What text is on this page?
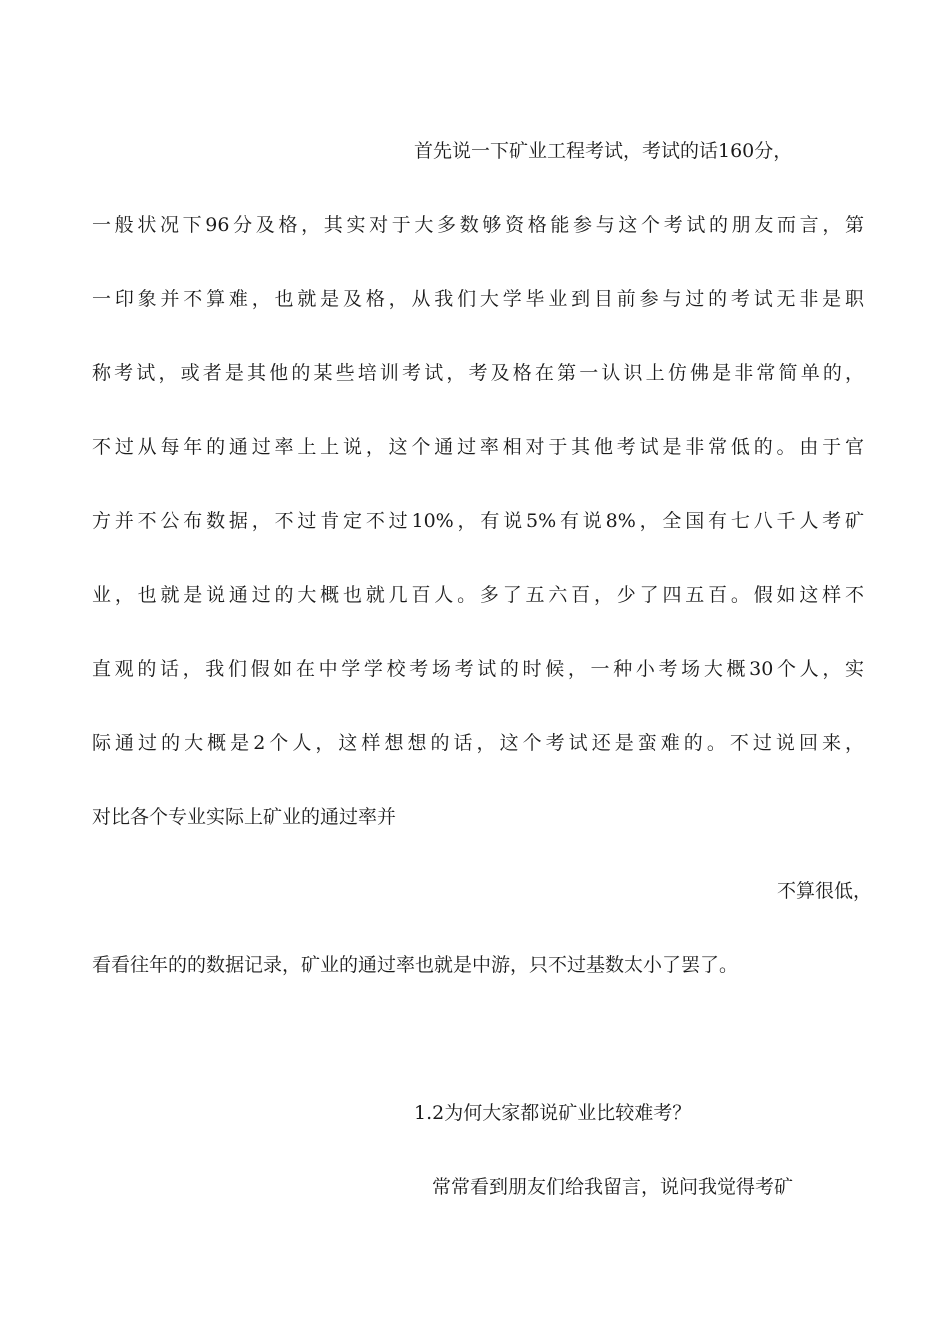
首先说一下矿业工程考试，考试的话160分，
一般状况下96分及格，其实对于大多数够资格能参与这个考试的朋友而言，第
一印象并不算难，也就是及格，从我们大学毕业到目前参与过的考试无非是职
称考试，或者是其他的某些培训考试，考及格在第一认识上仿佛是非常简单的，
不过从每年的通过率上上说，这个通过率相对于其他考试是非常低的。由于官
方并不公布数据，不过肯定不过10%，有说5%有说8%，全国有七八千人考矿
业，也就是说通过的大概也就几百人。多了五六百，少了四五百。假如这样不
直观的话，我们假如在中学学校考场考试的时候，一种小考场大概30个人，实
际通过的大概是2个人，这样想想的话，这个考试还是蛮难的。不过说回来，
对比各个专业实际上矿业的通过率并
不算很低，
看看往年的的数据记录，矿业的通过率也就是中游，只不过基数太小了罢了。
1.2为何大家都说矿业比较难考？
常常看到朋友们给我留言，说问我觉得考矿
